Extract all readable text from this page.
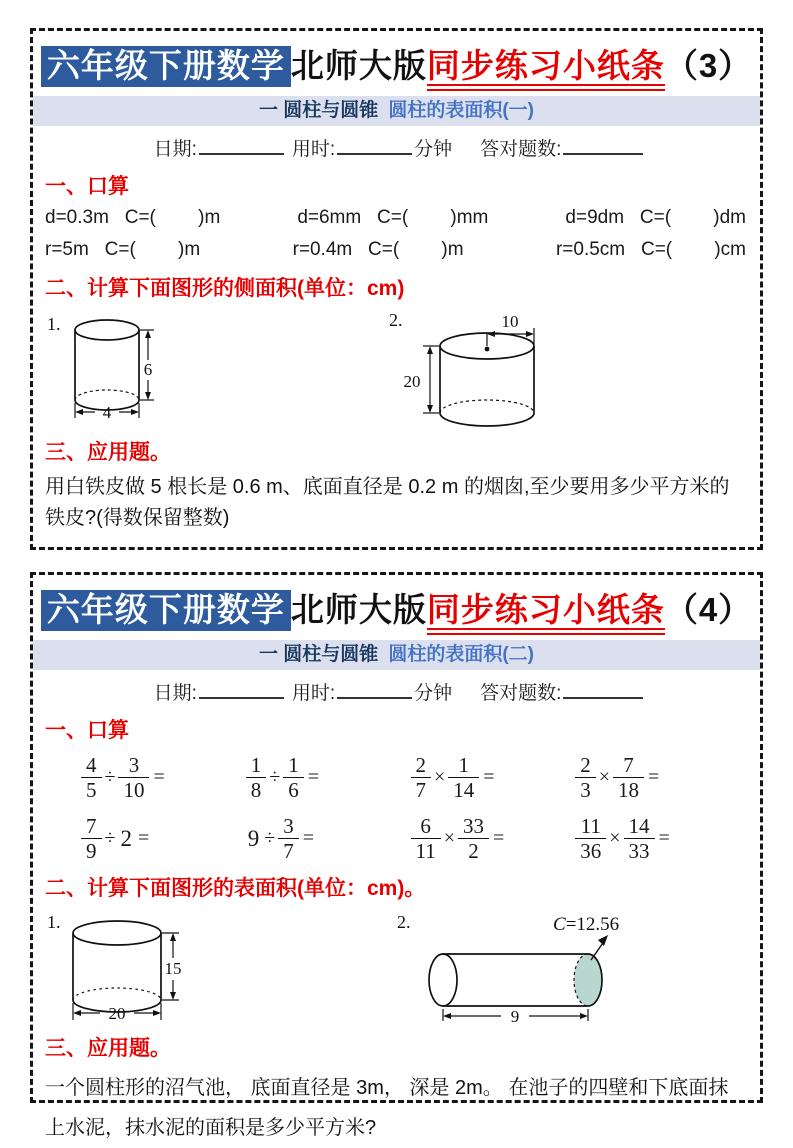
六年级下册数学 北师大版同步练习小纸条（3）
一 圆柱与圆锥 圆柱的表面积(一)
日期:	用时:	分钟 答对题数:
一、口算
d=0.3m   C=(        )m	d=6mm   C=(        )mm	d=9dm   C=(        )dm
r=5m   C=(        )m	r=0.4m   C=(        )m	r=0.5cm   C=(        )cm
二、计算下面图形的侧面积(单位：cm)
1.
6
4
2.	10
20
三、应用题。
用白铁皮做 5 根长是 0.6 m、底面直径是 0.2 m 的烟囱,至少要用多少平方米的铁皮?(得数保留整数)
六年级下册数学 北师大版同步练习小纸条（4）
一 圆柱与圆锥 圆柱的表面积(二)
日期:	用时:	分钟 答对题数:
一、口算
$\frac{4}{5} \div \frac{3}{10}$ =	$\frac{1}{8} \div \frac{1}{6}$ =	$\frac{2}{7} \times \frac{1}{14}$ =	$\frac{2}{3} \times \frac{7}{18}$ =
$\frac{7}{9} \div 2$ =	$9 \div \frac{3}{7}$ =	$\frac{6}{11} \times \frac{33}{2}$ =	$\frac{11}{36} \times \frac{14}{33}$ =
二、计算下面图形的表面积(单位：cm)。
1.
15
20
2.	C=12.56
9
三、应用题。
一个圆柱形的沼气池， 底面直径是 3m， 深是 2m。 在池子的四壁和下底面抹上水泥，抹水泥的面积是多少平方米?
